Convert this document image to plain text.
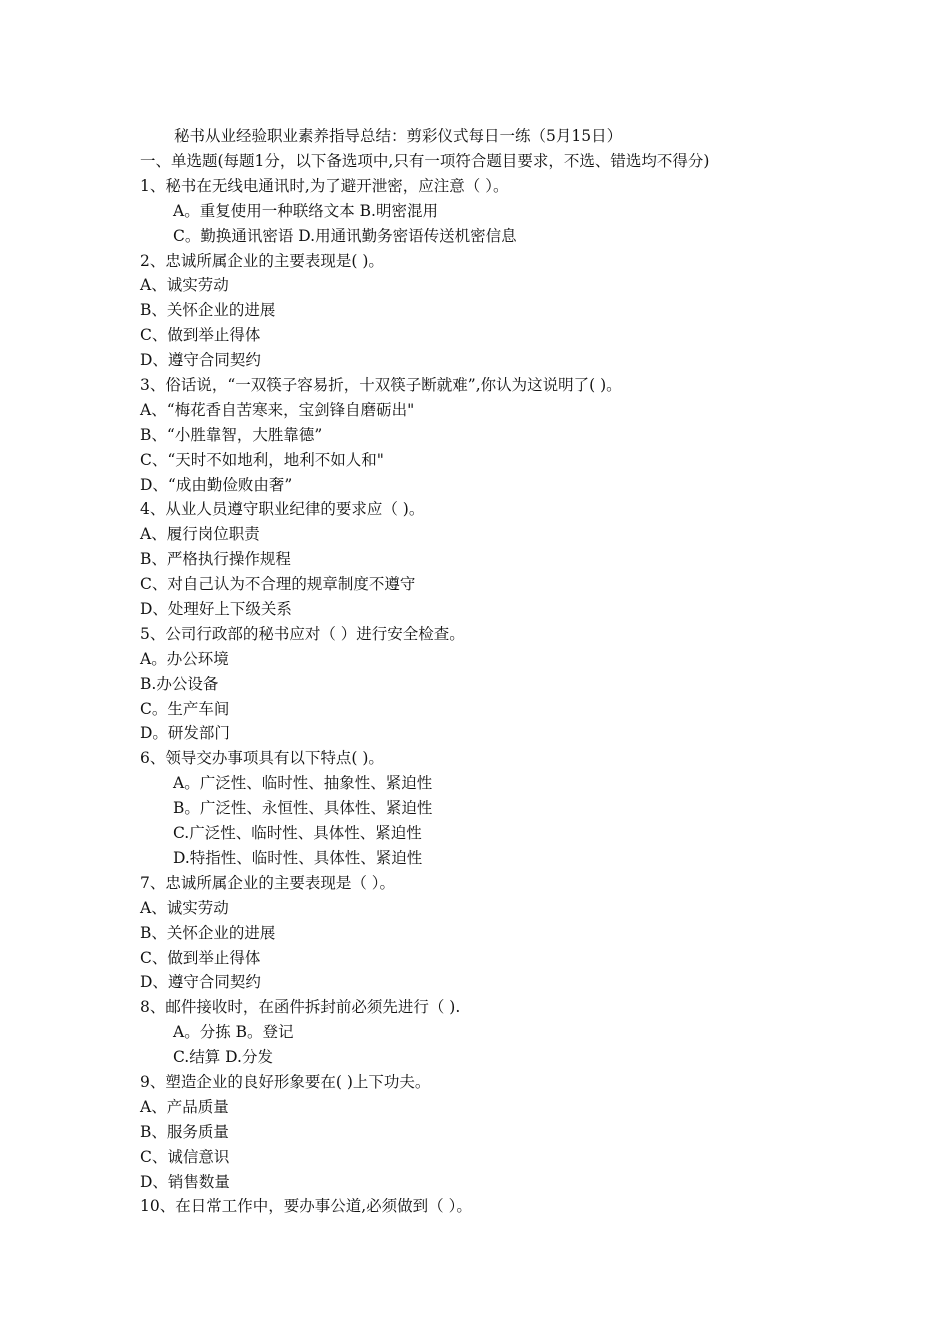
秘书从业经验职业素养指导总结：剪彩仪式每日一练（5月15日）
一、单选题(每题1分，以下备选项中,只有一项符合题目要求，不选、错选均不得分)
1、秘书在无线电通讯时,为了避开泄密，应注意（ ）。
A。重复使用一种联络文本 B.明密混用
C。勤换通讯密语 D.用通讯勤务密语传送机密信息
2、忠诚所属企业的主要表现是( )。
A、诚实劳动
B、关怀企业的进展
C、做到举止得体
D、遵守合同契约
3、俗话说，“一双筷子容易折，十双筷子断就难”,你认为这说明了( )。
A、“梅花香自苦寒来，宝剑锋自磨砺出"
B、“小胜靠智，大胜靠德”
C、“天时不如地利，地利不如人和"
D、“成由勤俭败由奢”
4、从业人员遵守职业纪律的要求应（ )。
A、履行岗位职责
B、严格执行操作规程
C、对自己认为不合理的规章制度不遵守
D、处理好上下级关系
5、公司行政部的秘书应对（ ）进行安全检查。
A。办公环境
B.办公设备
C。生产车间
D。研发部门
6、领导交办事项具有以下特点( )。
A。广泛性、临时性、抽象性、紧迫性
B。广泛性、永恒性、具体性、紧迫性
C.广泛性、临时性、具体性、紧迫性
D.特指性、临时性、具体性、紧迫性
7、忠诚所属企业的主要表现是（ ）。
A、诚实劳动
B、关怀企业的进展
C、做到举止得体
D、遵守合同契约
8、邮件接收时，在函件拆封前必须先进行（ ).
A。分拣 B。登记
C.结算 D.分发
9、塑造企业的良好形象要在( )上下功夫。
A、产品质量
B、服务质量
C、诚信意识
D、销售数量
10、在日常工作中，要办事公道,必须做到（ ）。
